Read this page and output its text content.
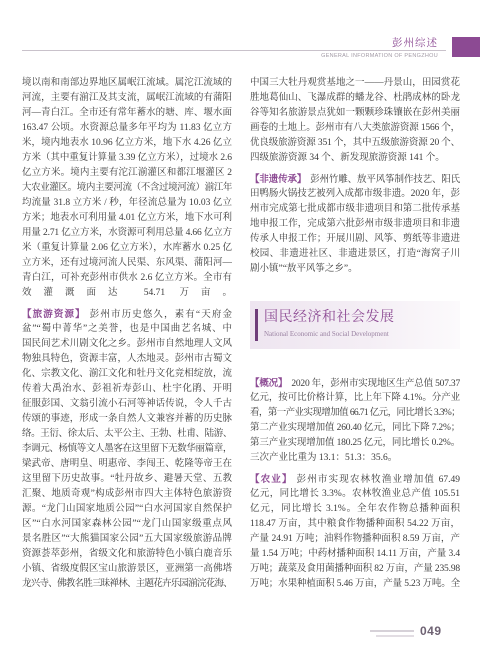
彭州综述
GENERAL INFORMATION OF PENGZHOU
境以南和南部边界地区属岷江流域。属沱江流域的
河流，主要有湔江及其支流，属岷江流域的有蒲阳
河—青白江。全市还有常年蓄水的塘、库、堰水面
163.47 公顷。水资源总量多年平均为 11.83 亿立方
米，境内地表水 10.96 亿立方米，地下水 4.26 亿立
方米（其中重复计算量 3.39 亿立方米），过境水 2.6
亿立方米。境内主要有沱江湔灌区和都江堰灌区 2
大农业灌区。境内主要河流（不含过境河流）湔江年
均流量 31.8 立方米 / 秒，年径流总量为 10.03 亿立
方米；地表水可利用量 4.01 亿立方米，地下水可利
用量 2.71 亿立方米，水资源可利用总量 4.66 亿立方
米（重复计算量 2.06 亿立方米），水库蓄水 0.25 亿
立方米，还有过境河流人民渠、东风渠、蒲阳河—
青白江，可补充彭州市供水 2.6 亿立方米。全市有
效灌溉面达 54.71 万亩。
【旅游资源】 彭州市历史悠久，素有“天府金
盆”“蜀中菁华”之美誉，也是中国曲艺名城、中
国民间艺术川剧文化之乡。彭州市自然地理人文风
物独具特色，资源丰富，人杰地灵。彭州市古蜀文
化、宗教文化、湔江文化和牡丹文化竞相绽放，流
传着大禹治水、彭祖祈寿彭山、杜宇化鹃、开明
征服彭国、文翁引流小石河等神话传说，令人千古
传颂的事迹，形成一条自然人文兼容并蓄的历史脉
络。王衍、徐太后、太平公主、王勃、杜甫、陆游、
李调元、杨慎等文人墨客在这里留下无数华丽篇章，
梁武帝、唐明皇、明惠帝、李闯王、乾隆等帝王在
这里留下历史故事。“牡丹故乡、避暑天堂、五教
汇聚、地质奇观”构成彭州市四大主体特色旅游资
源。“龙门山国家地质公园”“白水河国家自然保护
区”“白水河国家森林公园”“龙门山国家级重点风
景名胜区”“大熊猫国家公园”五大国家级旅游品牌
资源荟萃彭州，省级文化和旅游特色小镇白鹿音乐
小镇、省级度假区宝山旅游景区，亚洲第一高佛塔
龙兴寺、佛教名胜三昧禅林、主题花卉乐园湔浣花海、
中国三大牡丹观赏基地之一——丹景山，田园赏花
胜地葛仙山、飞瀑成群的蟠龙谷、杜鹃成林的卧龙
谷等知名旅游景点犹如一颗颗珍珠镶嵌在彭州美丽
画卷的土地上。彭州市有八大类旅游资源 1566 个，
优良级旅游资源 351 个，其中五级旅游资源 20 个、
四级旅游资源 34 个、新发现旅游资源 141 个。
【非遗传承】 彭州竹雕、敖平风筝制作技艺、阳氏
田鸭肠火锅技艺被列入成都市级非遗。2020 年，彭
州市完成第七批成都市级非遗项目和第二批传承基
地申报工作，完成第六批彭州市级非遗项目和非遗
传承人申报工作；开展川剧、风筝、剪纸等非遗进
校园、非遗进社区、非遗进景区，打造“海窝子川
剧小镇”“敖平风筝之乡”。
国民经济和社会发展
National Economic and Social Development
【概况】 2020 年，彭州市实现地区生产总值 507.37
亿元，按可比价格计算，比上年下降 4.1%。分产业
看，第一产业实现增加值 66.71 亿元，同比增长 3.3%；
第二产业实现增加值 260.40 亿元，同比下降 7.2%；
第三产业实现增加值 180.25 亿元，同比增长 0.2%。
三次产业比重为 13.1：51.3：35.6。
【农业】 彭州市实现农林牧渔业增加值 67.49
亿元，同比增长 3.3%。农林牧渔业总产值 105.51
亿元，同比增长 3.1%。全年农作物总播种面积
118.47 万亩，其中粮食作物播种面积 54.22 万亩，
产量 24.91 万吨；油料作物播种面积 8.59 万亩，产
量 1.54 万吨；中药材播种面积 14.11 万亩，产量 3.4
万吨；蔬菜及食用菌播种面积 82 万亩，产量 235.98
万吨；水果种植面积 5.46 万亩，产量 5.23 万吨。全
049
